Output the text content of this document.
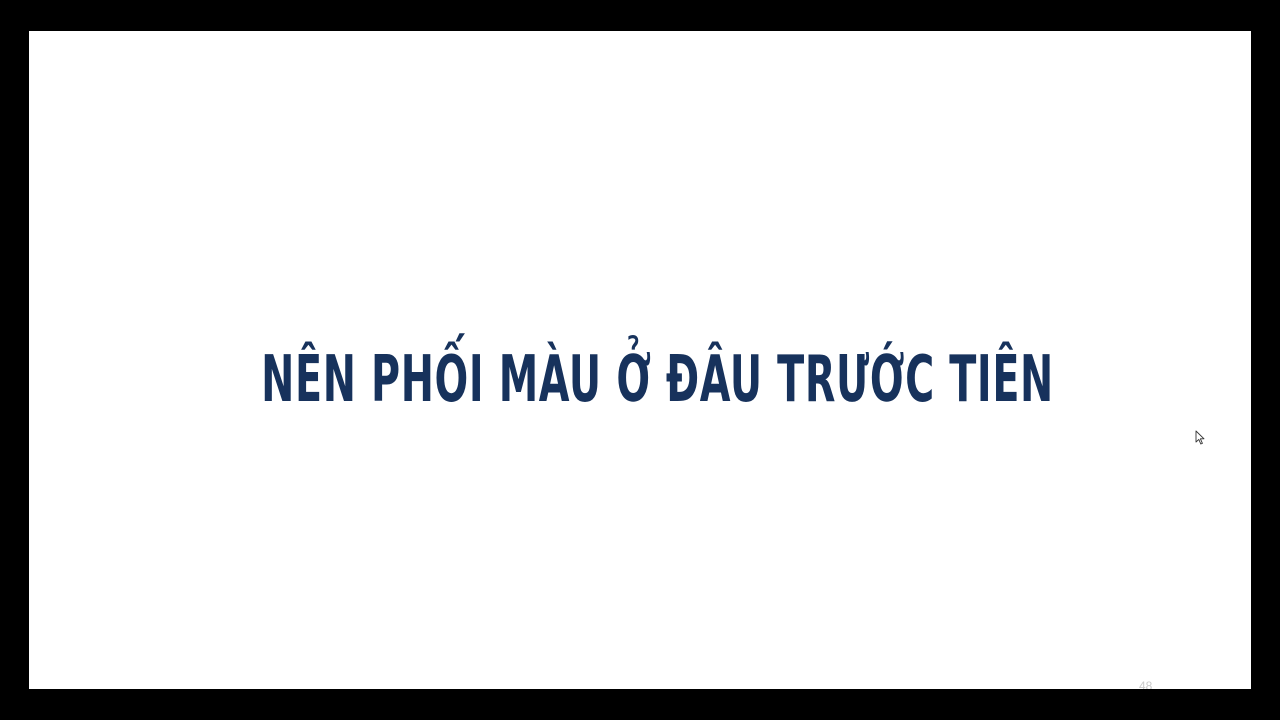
NÊN PHỐI MÀU Ở ĐÂU TRƯỚC TIÊN
48
